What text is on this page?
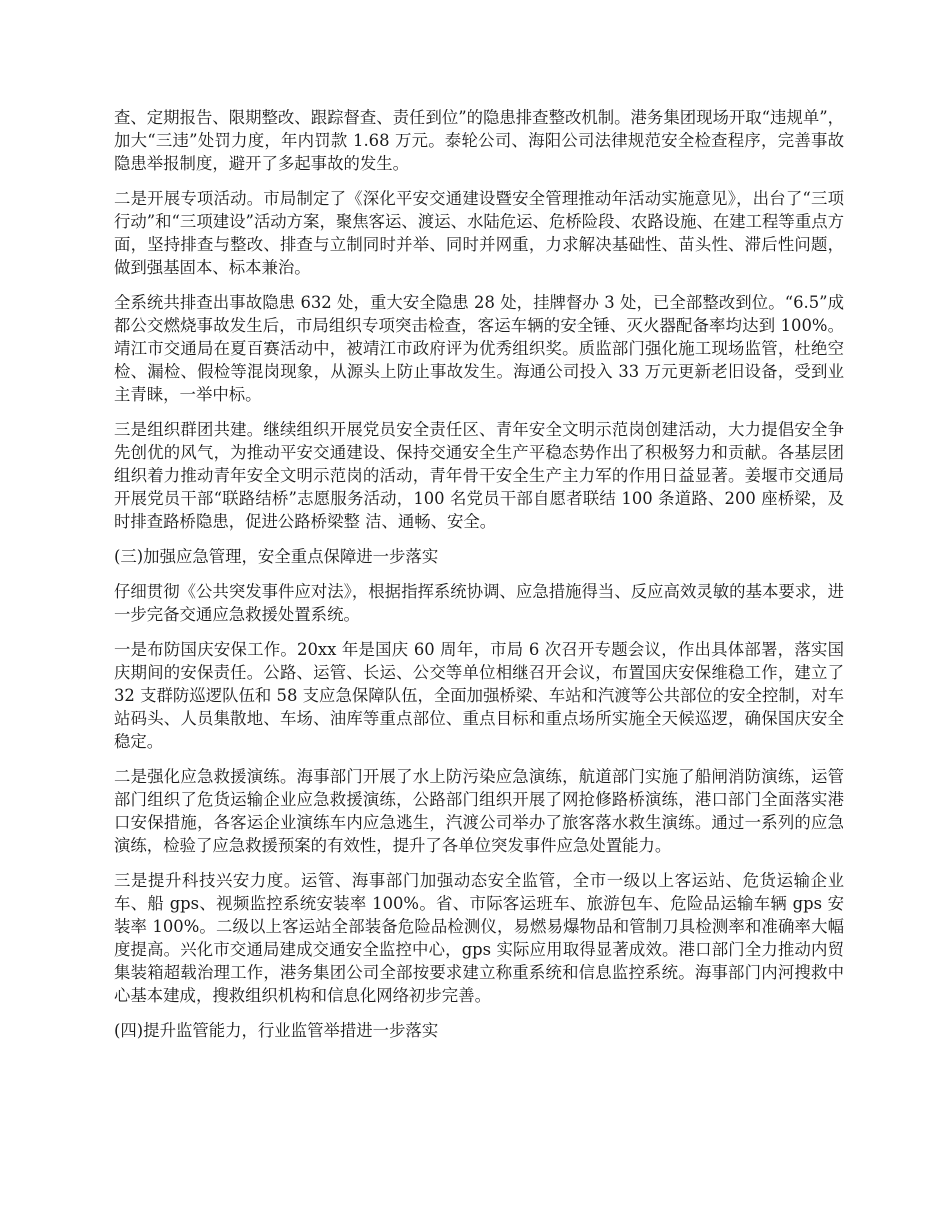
查、定期报告、限期整改、跟踪督查、责任到位”的隐患排查整改机制。港务集团现场开取“违规单”，加大“三违”处罚力度，年内罚款 1.68 万元。泰轮公司、海阳公司法律规范安全检查程序，完善事故隐患举报制度，避开了多起事故的发生。

二是开展专项活动。市局制定了《深化平安交通建设暨安全管理推动年活动实施意见》，出台了“三项行动”和“三项建设”活动方案，聚焦客运、渡运、水陆危运、危桥险段、农路设施、在建工程等重点方面，坚持排查与整改、排查与立制同时并举、同时并网重，力求解决基础性、苗头性、滞后性问题，做到强基固本、标本兼治。

全系统共排查出事故隐患 632 处，重大安全隐患 28 处，挂牌督办 3 处，已全部整改到位。“6.5”成都公交燃烧事故发生后，市局组织专项突击检查，客运车辆的安全锤、灭火器配备率均达到 100%。靖江市交通局在夏百赛活动中，被靖江市政府评为优秀组织奖。质监部门强化施工现场监管，杜绝空检、漏检、假检等混岗现象，从源头上防止事故发生。海通公司投入 33 万元更新老旧设备，受到业主青睐，一举中标。

三是组织群团共建。继续组织开展党员安全责任区、青年安全文明示范岗创建活动，大力提倡安全争先创优的风气，为推动平安交通建设、保持交通安全生产平稳态势作出了积极努力和贡献。各基层团组织着力推动青年安全文明示范岗的活动，青年骨干安全生产主力军的作用日益显著。姜堰市交通局开展党员干部“联路结桥”志愿服务活动，100 名党员干部自愿者联结 100 条道路、200 座桥梁，及时排查路桥隐患，促进公路桥梁整 洁、通畅、安全。

(三)加强应急管理，安全重点保障进一步落实

仔细贯彻《公共突发事件应对法》，根据指挥系统协调、应急措施得当、反应高效灵敏的基本要求，进一步完备交通应急救援处置系统。

一是布防国庆安保工作。20xx 年是国庆 60 周年，市局 6 次召开专题会议，作出具体部署，落实国庆期间的安保责任。公路、运管、长运、公交等单位相继召开会议，布置国庆安保维稳工作，建立了 32 支群防巡逻队伍和 58 支应急保障队伍，全面加强桥梁、车站和汽渡等公共部位的安全控制，对车站码头、人员集散地、车场、油库等重点部位、重点目标和重点场所实施全天候巡逻，确保国庆安全稳定。

二是强化应急救援演练。海事部门开展了水上防污染应急演练，航道部门实施了船闸消防演练，运管部门组织了危货运输企业应急救援演练，公路部门组织开展了网抢修路桥演练，港口部门全面落实港口安保措施，各客运企业演练车内应急逃生，汽渡公司举办了旅客落水救生演练。通过一系列的应急演练，检验了应急救援预案的有效性，提升了各单位突发事件应急处置能力。

三是提升科技兴安力度。运管、海事部门加强动态安全监管，全市一级以上客运站、危货运输企业车、船 gps、视频监控系统安装率 100%。省、市际客运班车、旅游包车、危险品运输车辆 gps 安装率 100%。二级以上客运站全部装备危险品检测仪，易燃易爆物品和管制刀具检测率和准确率大幅度提高。兴化市交通局建成交通安全监控中心，gps 实际应用取得显著成效。港口部门全力推动内贸集装箱超载治理工作，港务集团公司全部按要求建立称重系统和信息监控系统。海事部门内河搜救中心基本建成，搜救组织机构和信息化网络初步完善。

(四)提升监管能力，行业监管举措进一步落实
